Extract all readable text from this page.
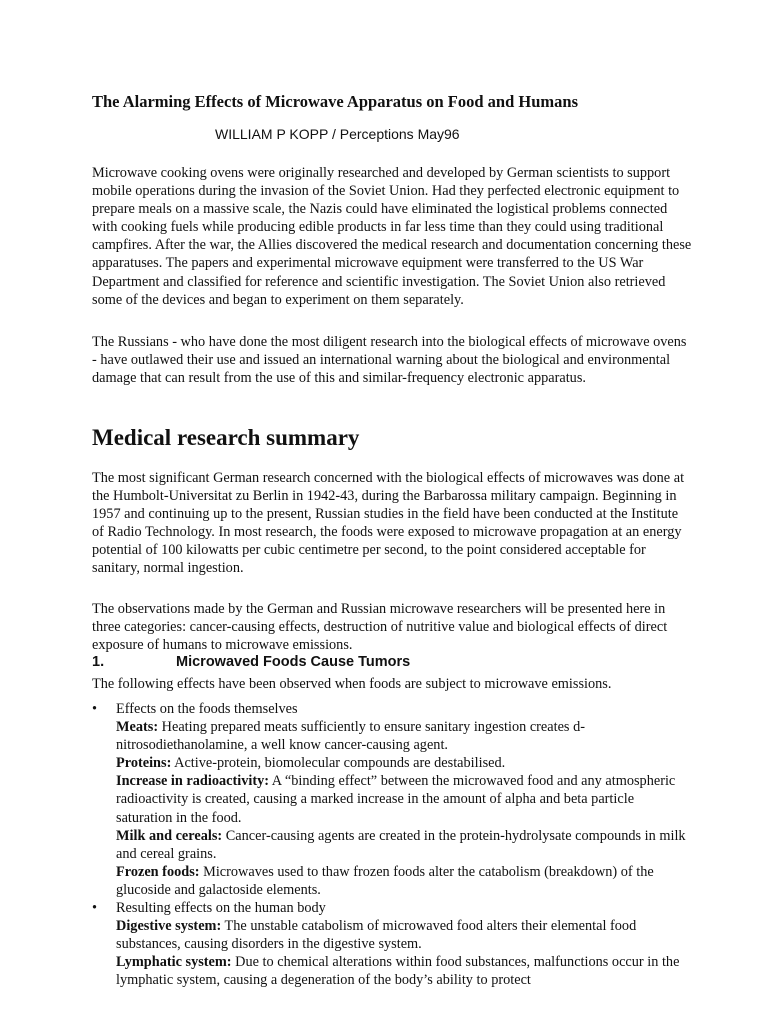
The Alarming Effects of Microwave Apparatus on Food and Humans
WILLIAM P KOPP / Perceptions May96

Microwave cooking ovens were originally researched and developed by German scientists to support mobile operations during the invasion of the Soviet Union. Had they perfected electronic equipment to prepare meals on a massive scale, the Nazis could have eliminated the logistical problems connected with cooking fuels while producing edible products in far less time than they could using traditional campfires. After the war, the Allies discovered the medical research and documentation concerning these apparatuses. The papers and experimental microwave equipment were transferred to the US War Department and classified for reference and scientific investigation. The Soviet Union also retrieved some of the devices and began to experiment on them separately.

The Russians - who have done the most diligent research into the biological effects of microwave ovens - have outlawed their use and issued an international warning about the biological and environmental damage that can result from the use of this and similar-frequency electronic apparatus.

Medical research summary

The most significant German research concerned with the biological effects of microwaves was done at the Humbolt-Universitat zu Berlin in 1942-43, during the Barbarossa military campaign. Beginning in 1957 and continuing up to the present, Russian studies in the field have been conducted at the Institute of Radio Technology. In most research, the foods were exposed to microwave propagation at an energy potential of 100 kilowatts per cubic centimetre per second, to the point considered acceptable for sanitary, normal ingestion.

The observations made by the German and Russian microwave researchers will be presented here in three categories: cancer-causing effects, destruction of nutritive value and biological effects of direct exposure of humans to microwave emissions.

1.	Microwaved Foods Cause Tumors

The following effects have been observed when foods are subject to microwave emissions.

• Effects on the foods themselves
Meats: Heating prepared meats sufficiently to ensure sanitary ingestion creates d-nitrosodiethanolamine, a well know cancer-causing agent.
Proteins: Active-protein, biomolecular compounds are destabilised.
Increase in radioactivity: A “binding effect” between the microwaved food and any atmospheric radioactivity is created, causing a marked increase in the amount of alpha and beta particle saturation in the food.
Milk and cereals: Cancer-causing agents are created in the protein-hydrolysate compounds in milk and cereal grains.
Frozen foods: Microwaves used to thaw frozen foods alter the catabolism (breakdown) of the glucoside and galactoside elements.
• Resulting effects on the human body
Digestive system: The unstable catabolism of microwaved food alters their elemental food substances, causing disorders in the digestive system.
Lymphatic system: Due to chemical alterations within food substances, malfunctions occur in the lymphatic system, causing a degeneration of the body’s ability to protect
